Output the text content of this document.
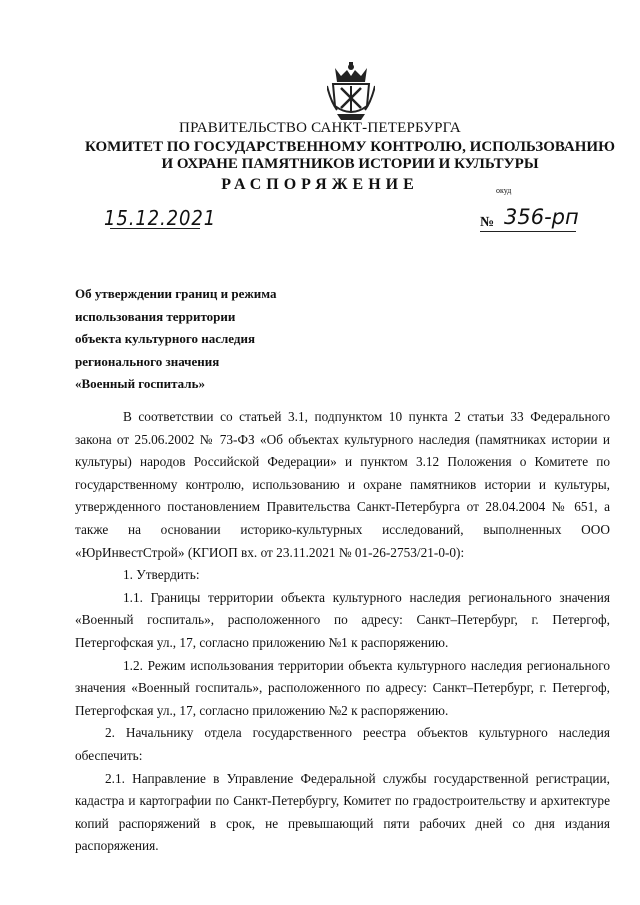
ПРАВИТЕЛЬСТВО САНКТ-ПЕТЕРБУРГА
КОМИТЕТ ПО ГОСУДАРСТВЕННОМУ КОНТРОЛЮ, ИСПОЛЬЗОВАНИЮ
И ОХРАНЕ ПАМЯТНИКОВ ИСТОРИИ И КУЛЬТУРЫ
РАСПОРЯЖЕНИЕ	окуд
15.12.2021	№ 356-рп
Об утверждении границ и режима
использования территории
объекта культурного наследия
регионального значения
«Военный госпиталь»

В соответствии со статьей 3.1, подпунктом 10 пункта 2 статьи 33 Федерального закона от 25.06.2002 № 73-ФЗ «Об объектах культурного наследия (памятниках истории и культуры) народов Российской Федерации» и пунктом 3.12 Положения о Комитете по государственному контролю, использованию и охране памятников истории и культуры, утвержденного постановлением Правительства Санкт-Петербурга от 28.04.2004 № 651, а также на основании историко-культурных исследований, выполненных ООО «ЮрИнвестСтрой» (КГИОП вх. от 23.11.2021 № 01-26-2753/21-0-0):

1. Утвердить:

1.1. Границы территории объекта культурного наследия регионального значения «Военный госпиталь», расположенного по адресу: Санкт–Петербург, г. Петергоф, Петергофская ул., 17, согласно приложению №1 к распоряжению.

1.2. Режим использования территории объекта культурного наследия регионального значения «Военный госпиталь», расположенного по адресу: Санкт–Петербург, г. Петергоф, Петергофская ул., 17, согласно приложению №2 к распоряжению.

2. Начальнику отдела государственного реестра объектов культурного наследия обеспечить:

2.1. Направление в Управление Федеральной службы государственной регистрации, кадастра и картографии по Санкт-Петербургу, Комитет по градостроительству и архитектуре копий распоряжений в срок, не превышающий пяти рабочих дней со дня издания распоряжения.
